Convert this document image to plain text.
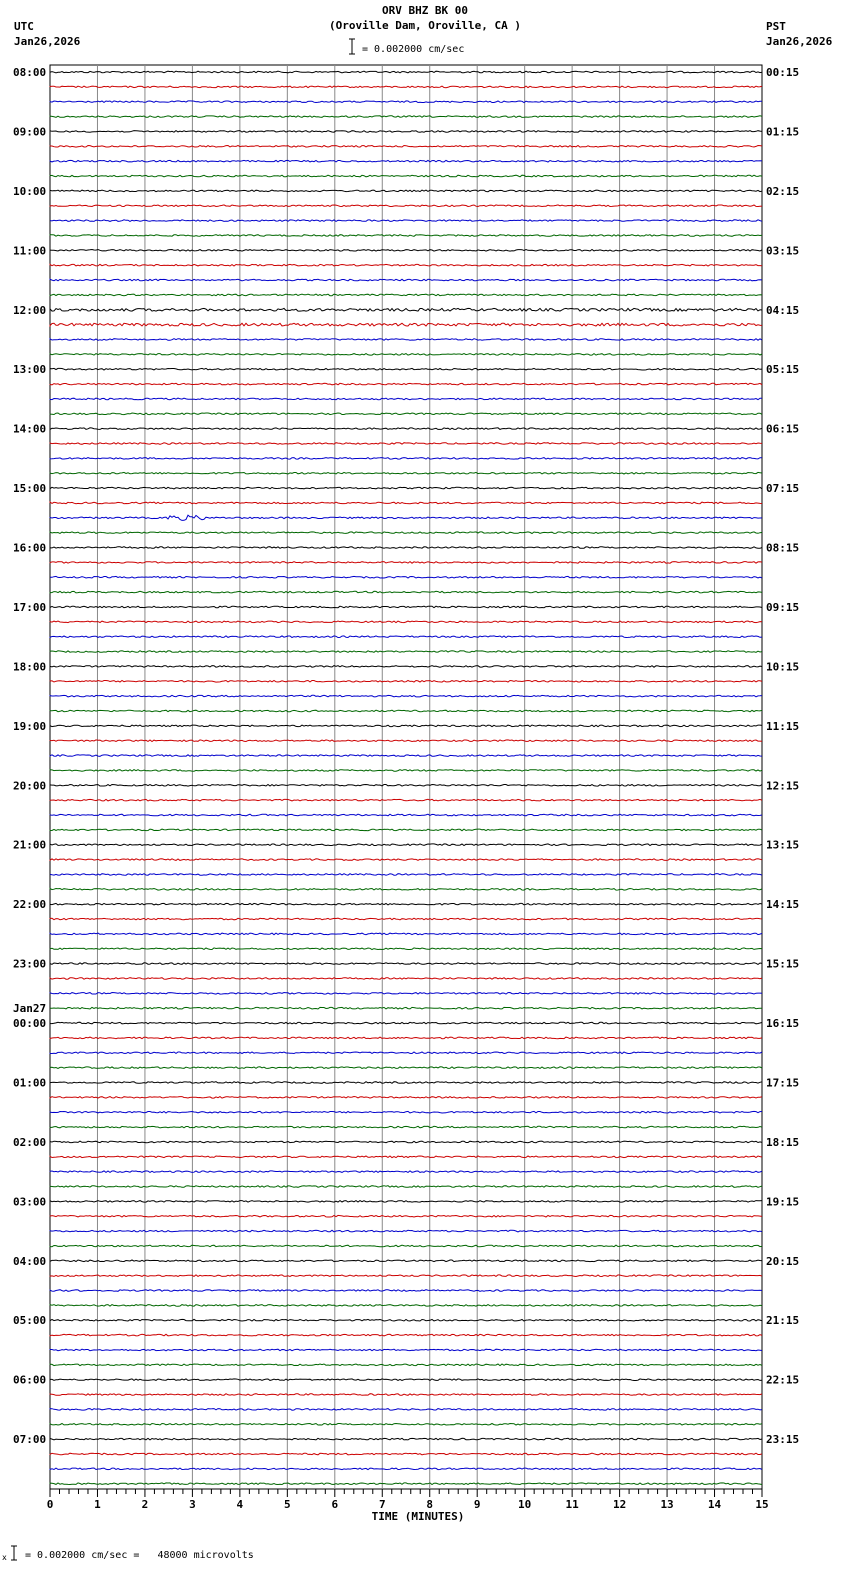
ORV BHZ BK 00
(Oroville Dam, Oroville, CA )
UTC
Jan26,2026
PST
Jan26,2026
= 0.002000 cm/sec
= 0.002000 cm/sec =   48000 microvolts
08:00
09:00
10:00
11:00
12:00
13:00
14:00
15:00
16:00
17:00
18:00
19:00
20:00
21:00
22:00
23:00
00:00
01:00
02:00
03:00
04:00
05:00
06:00
07:00
00:15
01:15
02:15
03:15
04:15
05:15
06:15
07:15
08:15
09:15
10:15
11:15
12:15
13:15
14:15
15:15
16:15
17:15
18:15
19:15
20:15
21:15
22:15
23:15
Jan27
0	1	2	3	4	5	6	7	8	9	10	11	12	13	14	15
TIME (MINUTES)
x
